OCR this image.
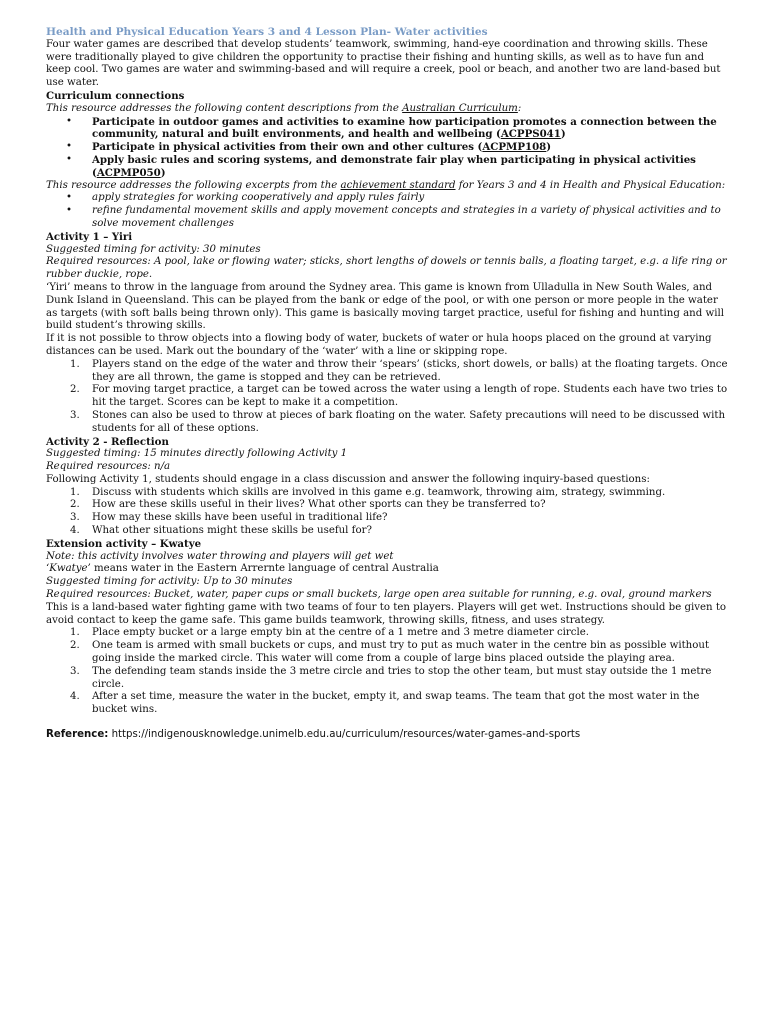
Health and Physical Education Years 3 and 4 Lesson Plan- Water activities

Four water games are described that develop students’ teamwork, swimming, hand-eye coordination and throwing skills. These were traditionally played to give children the opportunity to practise their fishing and hunting skills, as well as to have fun and keep cool. Two games are water and swimming-based and will require a creek, pool or beach, and another two are land-based but use water.

Curriculum connections

This resource addresses the following content descriptions from the Australian Curriculum:

• Participate in outdoor games and activities to examine how participation promotes a connection between the community, natural and built environments, and health and wellbeing (ACPPS041)
• Participate in physical activities from their own and other cultures (ACPMP108)
• Apply basic rules and scoring systems, and demonstrate fair play when participating in physical activities (ACPMP050)

This resource addresses the following excerpts from the achievement standard for Years 3 and 4 in Health and Physical Education:

• apply strategies for working cooperatively and apply rules fairly
• refine fundamental movement skills and apply movement concepts and strategies in a variety of physical activities and to solve movement challenges

Activity 1 – Yiri

Suggested timing for activity: 30 minutes

Required resources: A pool, lake or flowing water; sticks, short lengths of dowels or tennis balls, a floating target, e.g. a life ring or rubber duckie, rope.

‘Yiri’ means to throw in the language from around the Sydney area. This game is known from Ulladulla in New South Wales, and Dunk Island in Queensland. This can be played from the bank or edge of the pool, or with one person or more people in the water as targets (with soft balls being thrown only). This game is basically moving target practice, useful for fishing and hunting and will build student’s throwing skills.

If it is not possible to throw objects into a flowing body of water, buckets of water or hula hoops placed on the ground at varying distances can be used. Mark out the boundary of the ‘water’ with a line or skipping rope.

1. Players stand on the edge of the water and throw their ‘spears’ (sticks, short dowels, or balls) at the floating targets. Once they are all thrown, the game is stopped and they can be retrieved.
2. For moving target practice, a target can be towed across the water using a length of rope. Students each have two tries to hit the target. Scores can be kept to make it a competition.
3. Stones can also be used to throw at pieces of bark floating on the water. Safety precautions will need to be discussed with students for all of these options.

Activity 2 - Reflection

Suggested timing: 15 minutes directly following Activity 1

Required resources: n/a

Following Activity 1, students should engage in a class discussion and answer the following inquiry-based questions:

1. Discuss with students which skills are involved in this game e.g. teamwork, throwing aim, strategy, swimming.
2. How are these skills useful in their lives? What other sports can they be transferred to?
3. How may these skills have been useful in traditional life?
4. What other situations might these skills be useful for?

Extension activity – Kwatye

Note: this activity involves water throwing and players will get wet

‘Kwatye’ means water in the Eastern Arrernte language of central Australia

Suggested timing for activity: Up to 30 minutes

Required resources: Bucket, water, paper cups or small buckets, large open area suitable for running, e.g. oval, ground markers

This is a land-based water fighting game with two teams of four to ten players. Players will get wet. Instructions should be given to avoid contact to keep the game safe. This game builds teamwork, throwing skills, fitness, and uses strategy.

1. Place empty bucket or a large empty bin at the centre of a 1 metre and 3 metre diameter circle.
2. One team is armed with small buckets or cups, and must try to put as much water in the centre bin as possible without going inside the marked circle. This water will come from a couple of large bins placed outside the playing area.
3. The defending team stands inside the 3 metre circle and tries to stop the other team, but must stay outside the 1 metre circle.
4. After a set time, measure the water in the bucket, empty it, and swap teams. The team that got the most water in the bucket wins.

Reference: https://indigenousknowledge.unimelb.edu.au/curriculum/resources/water-games-and-sports
